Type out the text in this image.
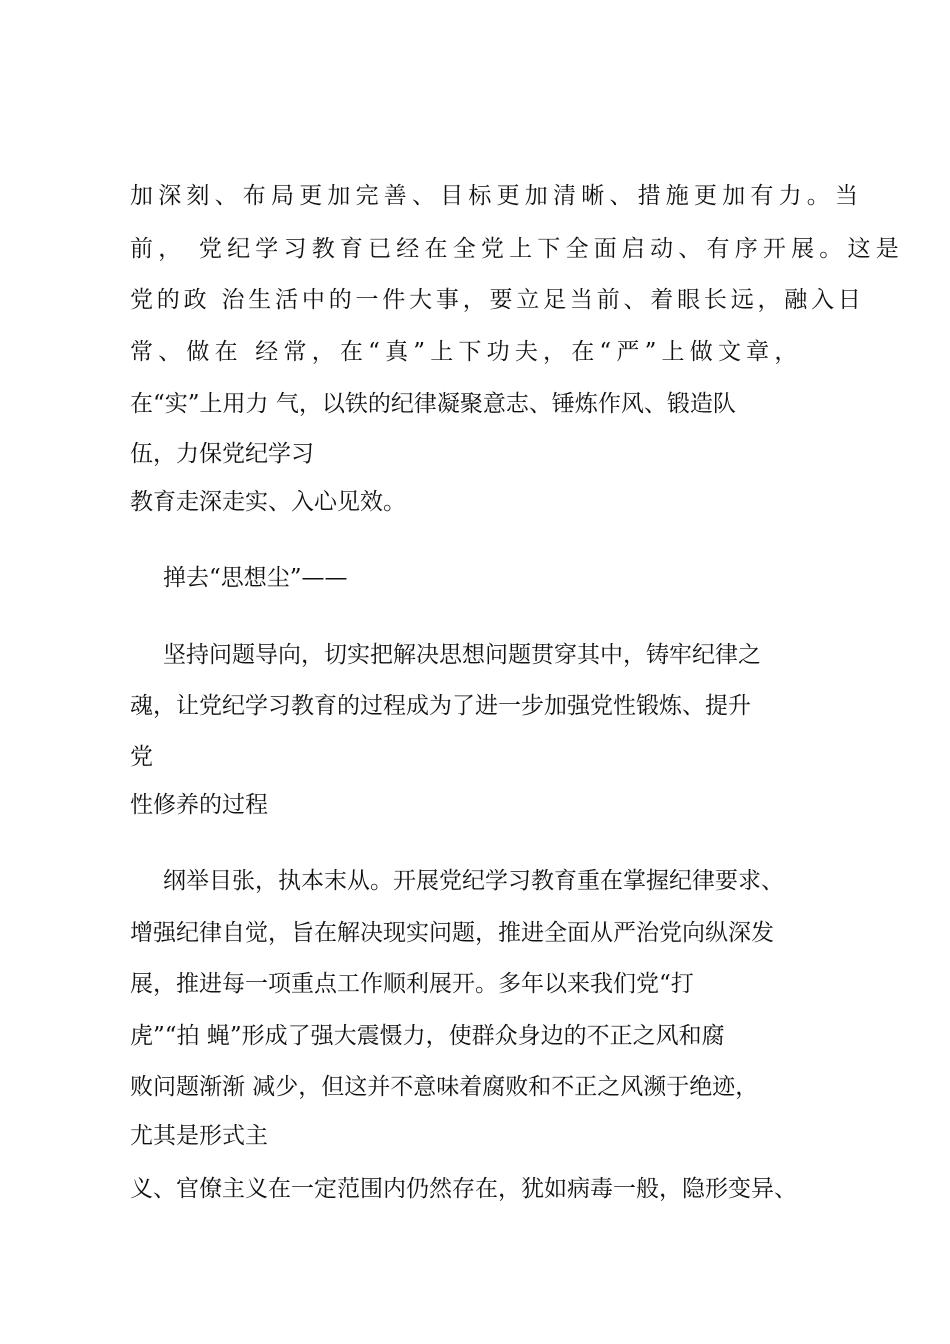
加深刻、布局更加完善、目标更加清晰、措施更加有力。当
前， 党纪学习教育已经在全党上下全面启动、有序开展。这是
党的政 治生活中的一件大事，要立足当前、着眼长远，融入日
常、做在 经常，在“真”上下功夫，在“严”上做文章，
在“实”上用力 气，以铁的纪律凝聚意志、锤炼作风、锻造队
伍，力保党纪学习
教育走深走实、入心见效。
掸去“思想尘”——
坚持问题导向，切实把解决思想问题贯穿其中，铸牢纪律之
魂，让党纪学习教育的过程成为了进一步加强党性锻炼、提升
党
性修养的过程
纲举目张，执本末从。开展党纪学习教育重在掌握纪律要求、
增强纪律自觉，旨在解决现实问题，推进全面从严治党向纵深发
展，推进每一项重点工作顺利展开。多年以来我们党“打
虎”“拍 蝇”形成了强大震慑力，使群众身边的不正之风和腐
败问题渐渐 减少，但这并不意味着腐败和不正之风濒于绝迹，
尤其是形式主
义、官僚主义在一定范围内仍然存在，犹如病毒一般，隐形变异、
